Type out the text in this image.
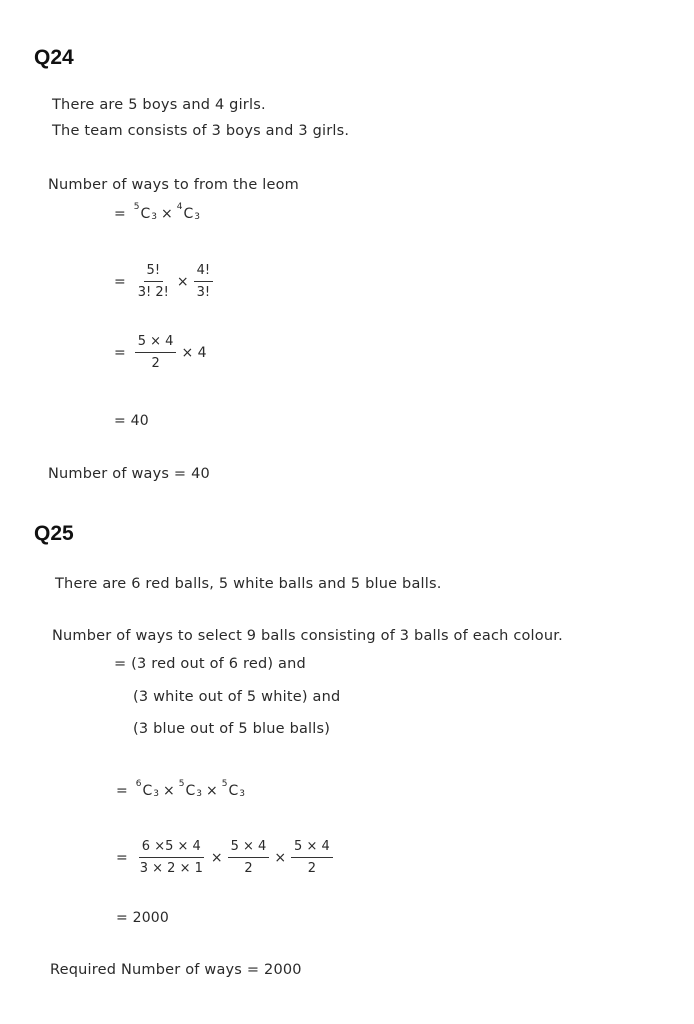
Q24
There are 5 boys and 4 girls.
The team consists of 3 boys and 3 girls.
Number of ways to from the leom
= $^5$ $C_3 \times ^4$ $C_3$
= $\frac{5!}{3! 2!} \times \frac{4!}{3!}$
= $\frac{5 \times 4}{2} \times 4$
= 40
Number of ways = 40
Q25
There are 6 red balls, 5 white balls and 5 blue balls.
Number of ways to select 9 balls consisting of 3 balls of each colour.
= (3 red out of 6 red) and
(3 white out of 5 white) and
(3 blue out of 5 blue balls)
= $^6$ $C_3 \times ^5$ $C_3 \times ^5$ $C_3$
= $\frac{6 \times 5 \times 4}{3 \times 2 \times 1} \times \frac{5 \times 4}{2} \times \frac{5 \times 4}{2}$
= 2000
Required Number of ways = 2000
